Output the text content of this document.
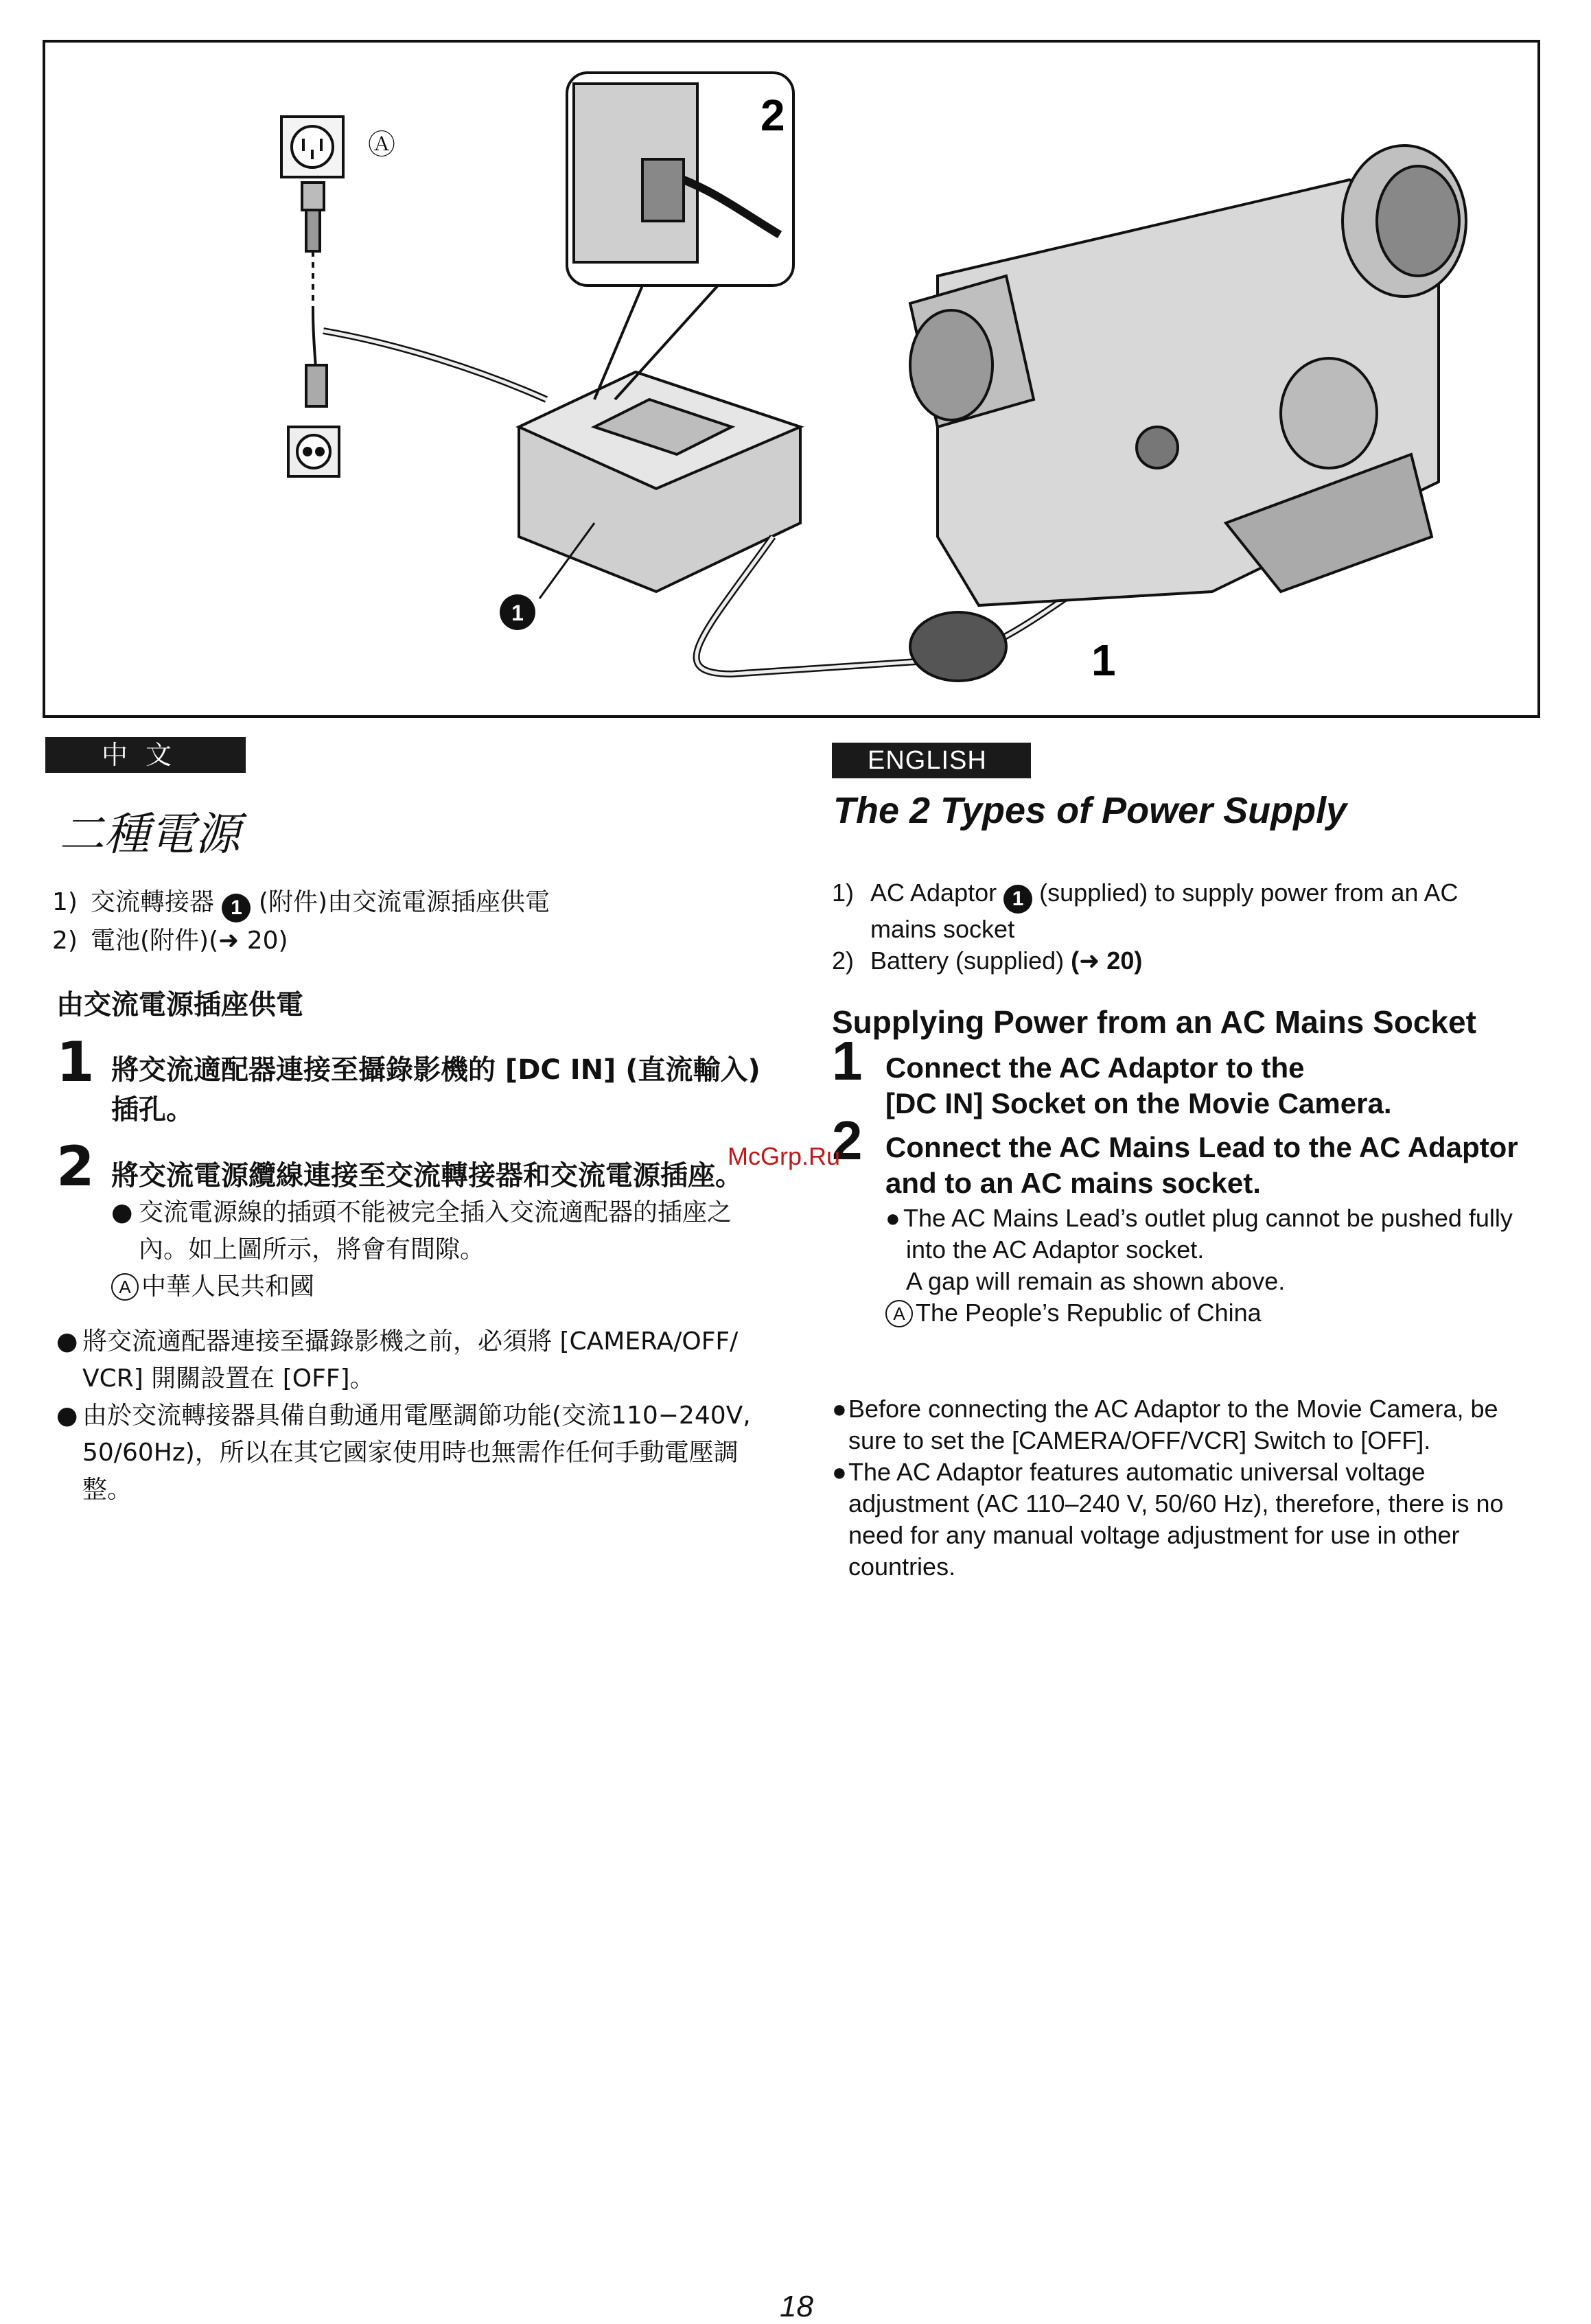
Ⓐ
2
1
1
中文	ENGLISH
二種電源
1) 交流轉接器 1 (附件)由交流電源插座供電
2) 電池(附件)(➜ 20)
由交流電源插座供電
1 將交流適配器連接至攝錄影機的 [DC IN] (直流輸入)
插孔。
2 將交流電源纜線連接至交流轉接器和交流電源插座。
● 交流電源線的插頭不能被完全插入交流適配器的插座之
內。如上圖所示，將會有間隙。
A 中華人民共和國
● 將交流適配器連接至攝錄影機之前，必須將 [CAMERA/OFF/
VCR] 開關設置在 [OFF]。
● 由於交流轉接器具備自動通用電壓調節功能(交流110−240V,
50/60Hz)，所以在其它國家使用時也無需作任何手動電壓調
整。
The 2 Types of Power Supply
1) AC Adaptor 1 (supplied) to supply power from an AC
mains socket
2) Battery (supplied) (➜ 20)
Supplying Power from an AC Mains Socket
1 Connect the AC Adaptor to the
[DC IN] Socket on the Movie Camera.
2 Connect the AC Mains Lead to the AC Adaptor
and to an AC mains socket.
● The AC Mains Lead’s outlet plug cannot be pushed fully
into the AC Adaptor socket.
A gap will remain as shown above.
A The People’s Republic of China
● Before connecting the AC Adaptor to the Movie Camera, be
sure to set the [CAMERA/OFF/VCR] Switch to [OFF].
● The AC Adaptor features automatic universal voltage
adjustment (AC 110–240 V, 50/60 Hz), therefore, there is no
need for any manual voltage adjustment for use in other
countries.
McGrp.Ru
18
